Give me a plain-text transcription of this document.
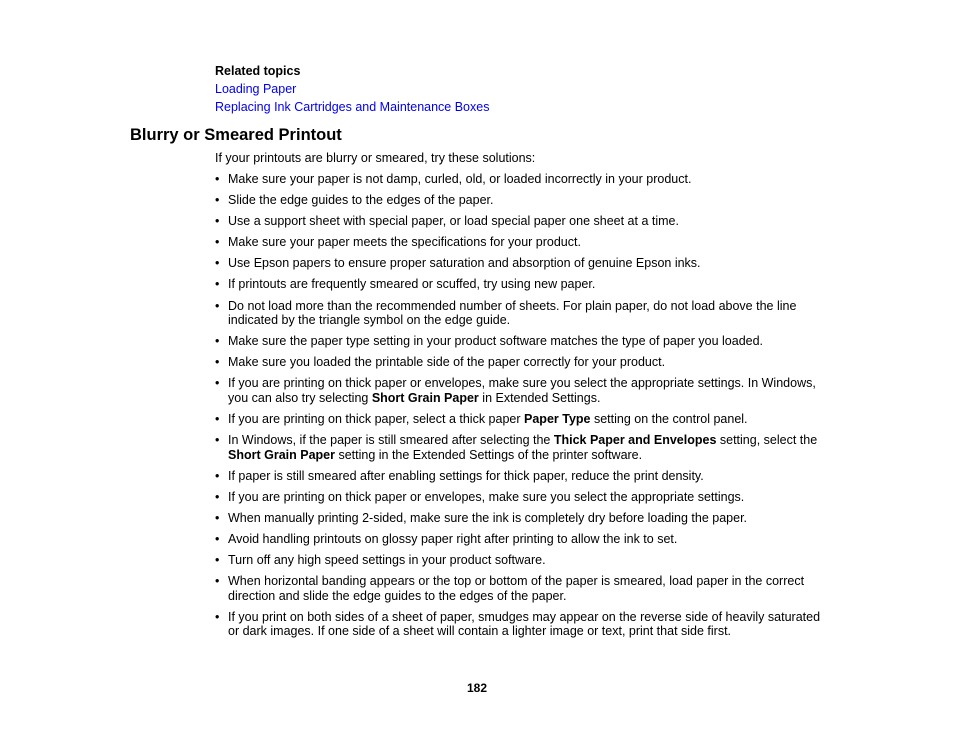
Related topics
Loading Paper
Replacing Ink Cartridges and Maintenance Boxes
Blurry or Smeared Printout

If your printouts are blurry or smeared, try these solutions:

• Make sure your paper is not damp, curled, old, or loaded incorrectly in your product.
• Slide the edge guides to the edges of the paper.
• Use a support sheet with special paper, or load special paper one sheet at a time.
• Make sure your paper meets the specifications for your product.
• Use Epson papers to ensure proper saturation and absorption of genuine Epson inks.
• If printouts are frequently smeared or scuffed, try using new paper.
• Do not load more than the recommended number of sheets. For plain paper, do not load above the line indicated by the triangle symbol on the edge guide.
• Make sure the paper type setting in your product software matches the type of paper you loaded.
• Make sure you loaded the printable side of the paper correctly for your product.
• If you are printing on thick paper or envelopes, make sure you select the appropriate settings. In Windows, you can also try selecting Short Grain Paper in Extended Settings.
• If you are printing on thick paper, select a thick paper Paper Type setting on the control panel.
• In Windows, if the paper is still smeared after selecting the Thick Paper and Envelopes setting, select the Short Grain Paper setting in the Extended Settings of the printer software.
• If paper is still smeared after enabling settings for thick paper, reduce the print density.
• If you are printing on thick paper or envelopes, make sure you select the appropriate settings.
• When manually printing 2-sided, make sure the ink is completely dry before loading the paper.
• Avoid handling printouts on glossy paper right after printing to allow the ink to set.
• Turn off any high speed settings in your product software.
• When horizontal banding appears or the top or bottom of the paper is smeared, load paper in the correct direction and slide the edge guides to the edges of the paper.
• If you print on both sides of a sheet of paper, smudges may appear on the reverse side of heavily saturated or dark images. If one side of a sheet will contain a lighter image or text, print that side first.
182
